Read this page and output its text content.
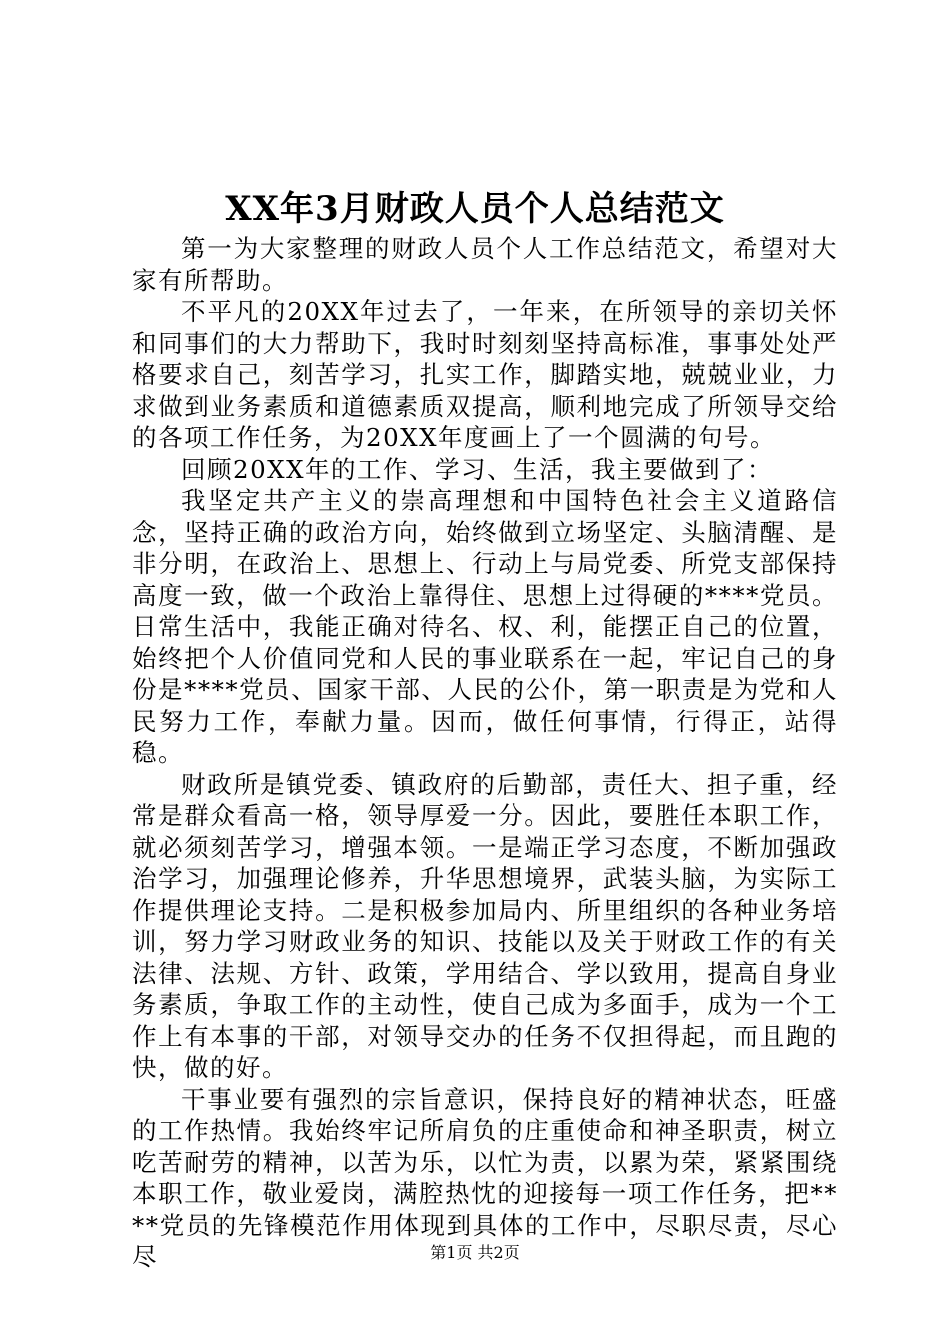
XX年3月财政人员个人总结范文

第一为大家整理的财政人员个人工作总结范文，希望对大家有所帮助。

不平凡的20XX年过去了，一年来，在所领导的亲切关怀和同事们的大力帮助下，我时时刻刻坚持高标准，事事处处严格要求自己，刻苦学习，扎实工作，脚踏实地，兢兢业业，力求做到业务素质和道德素质双提高，顺利地完成了所领导交给的各项工作任务，为20XX年度画上了一个圆满的句号。

回顾20XX年的工作、学习、生活，我主要做到了：

我坚定共产主义的崇高理想和中国特色社会主义道路信念，坚持正确的政治方向，始终做到立场坚定、头脑清醒、是非分明，在政治上、思想上、行动上与局党委、所党支部保持高度一致，做一个政治上靠得住、思想上过得硬的****党员。日常生活中，我能正确对待名、权、利，能摆正自己的位置，始终把个人价值同党和人民的事业联系在一起，牢记自己的身份是****党员、国家干部、人民的公仆，第一职责是为党和人民努力工作，奉献力量。因而，做任何事情，行得正，站得稳。

财政所是镇党委、镇政府的后勤部，责任大、担子重，经常是群众看高一格，领导厚爱一分。因此，要胜任本职工作，就必须刻苦学习，增强本领。一是端正学习态度，不断加强政治学习，加强理论修养，升华思想境界，武装头脑，为实际工作提供理论支持。二是积极参加局内、所里组织的各种业务培训，努力学习财政业务的知识、技能以及关于财政工作的有关法律、法规、方针、政策，学用结合、学以致用，提高自身业务素质，争取工作的主动性，使自己成为多面手，成为一个工作上有本事的干部，对领导交办的任务不仅担得起，而且跑的快，做的好。

干事业要有强烈的宗旨意识，保持良好的精神状态，旺盛的工作热情。我始终牢记所肩负的庄重使命和神圣职责，树立吃苦耐劳的精神，以苦为乐，以忙为责，以累为荣，紧紧围绕本职工作，敬业爱岗，满腔热忱的迎接每一项工作任务，把****党员的先锋模范作用体现到具体的工作中，尽职尽责，尽心尽	第1页 共2页
